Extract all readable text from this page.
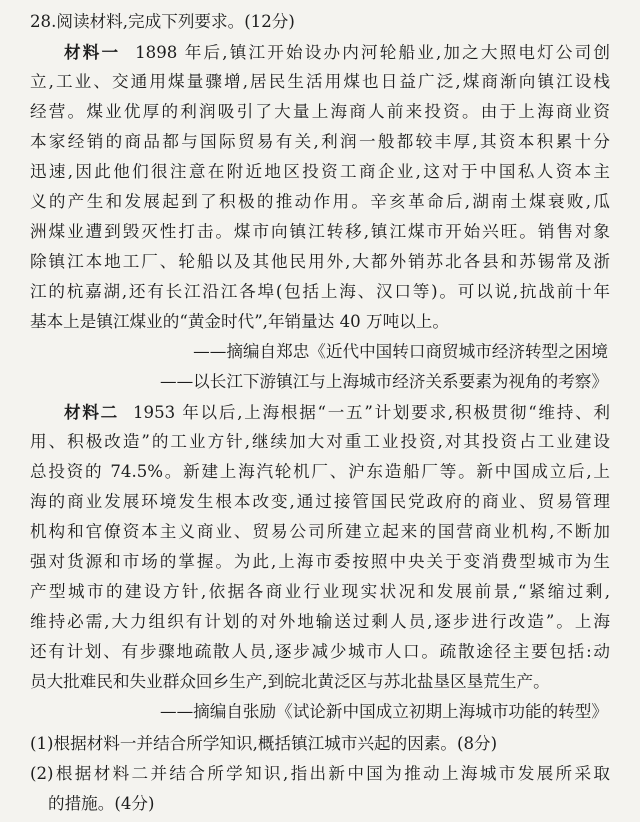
28.阅读材料,完成下列要求。(12分)
材料一 1898 年后,镇江开始设办内河轮船业,加之大照电灯公司创
立,工业、交通用煤量骤增,居民生活用煤也日益广泛,煤商渐向镇江设栈
经营。煤业优厚的利润吸引了大量上海商人前来投资。由于上海商业资
本家经销的商品都与国际贸易有关,利润一般都较丰厚,其资本积累十分
迅速,因此他们很注意在附近地区投资工商企业,这对于中国私人资本主
义的产生和发展起到了积极的推动作用。辛亥革命后,湖南土煤衰败,瓜
洲煤业遭到毁灭性打击。煤市向镇江转移,镇江煤市开始兴旺。销售对象
除镇江本地工厂、轮船以及其他民用外,大都外销苏北各县和苏锡常及浙
江的杭嘉湖,还有长江沿江各埠(包括上海、汉口等)。可以说,抗战前十年
基本上是镇江煤业的“黄金时代”,年销量达 40 万吨以上。
——摘编自郑忠《近代中国转口商贸城市经济转型之困境
——以长江下游镇江与上海城市经济关系要素为视角的考察》
材料二 1953 年以后,上海根据“一五”计划要求,积极贯彻“维持、利
用、积极改造”的工业方针,继续加大对重工业投资,对其投资占工业建设
总投资的 74.5%。新建上海汽轮机厂、沪东造船厂等。新中国成立后,上
海的商业发展环境发生根本改变,通过接管国民党政府的商业、贸易管理
机构和官僚资本主义商业、贸易公司所建立起来的国营商业机构,不断加
强对货源和市场的掌握。为此,上海市委按照中央关于变消费型城市为生
产型城市的建设方针,依据各商业行业现实状况和发展前景,“紧缩过剩,
维持必需,大力组织有计划的对外地输送过剩人员,逐步进行改造”。上海
还有计划、有步骤地疏散人员,逐步减少城市人口。疏散途径主要包括:动
员大批难民和失业群众回乡生产,到皖北黄泛区与苏北盐垦区垦荒生产。
——摘编自张励《试论新中国成立初期上海城市功能的转型》
(1)根据材料一并结合所学知识,概括镇江城市兴起的因素。(8分)
(2)根据材料二并结合所学知识,指出新中国为推动上海城市发展所采取
的措施。(4分)
